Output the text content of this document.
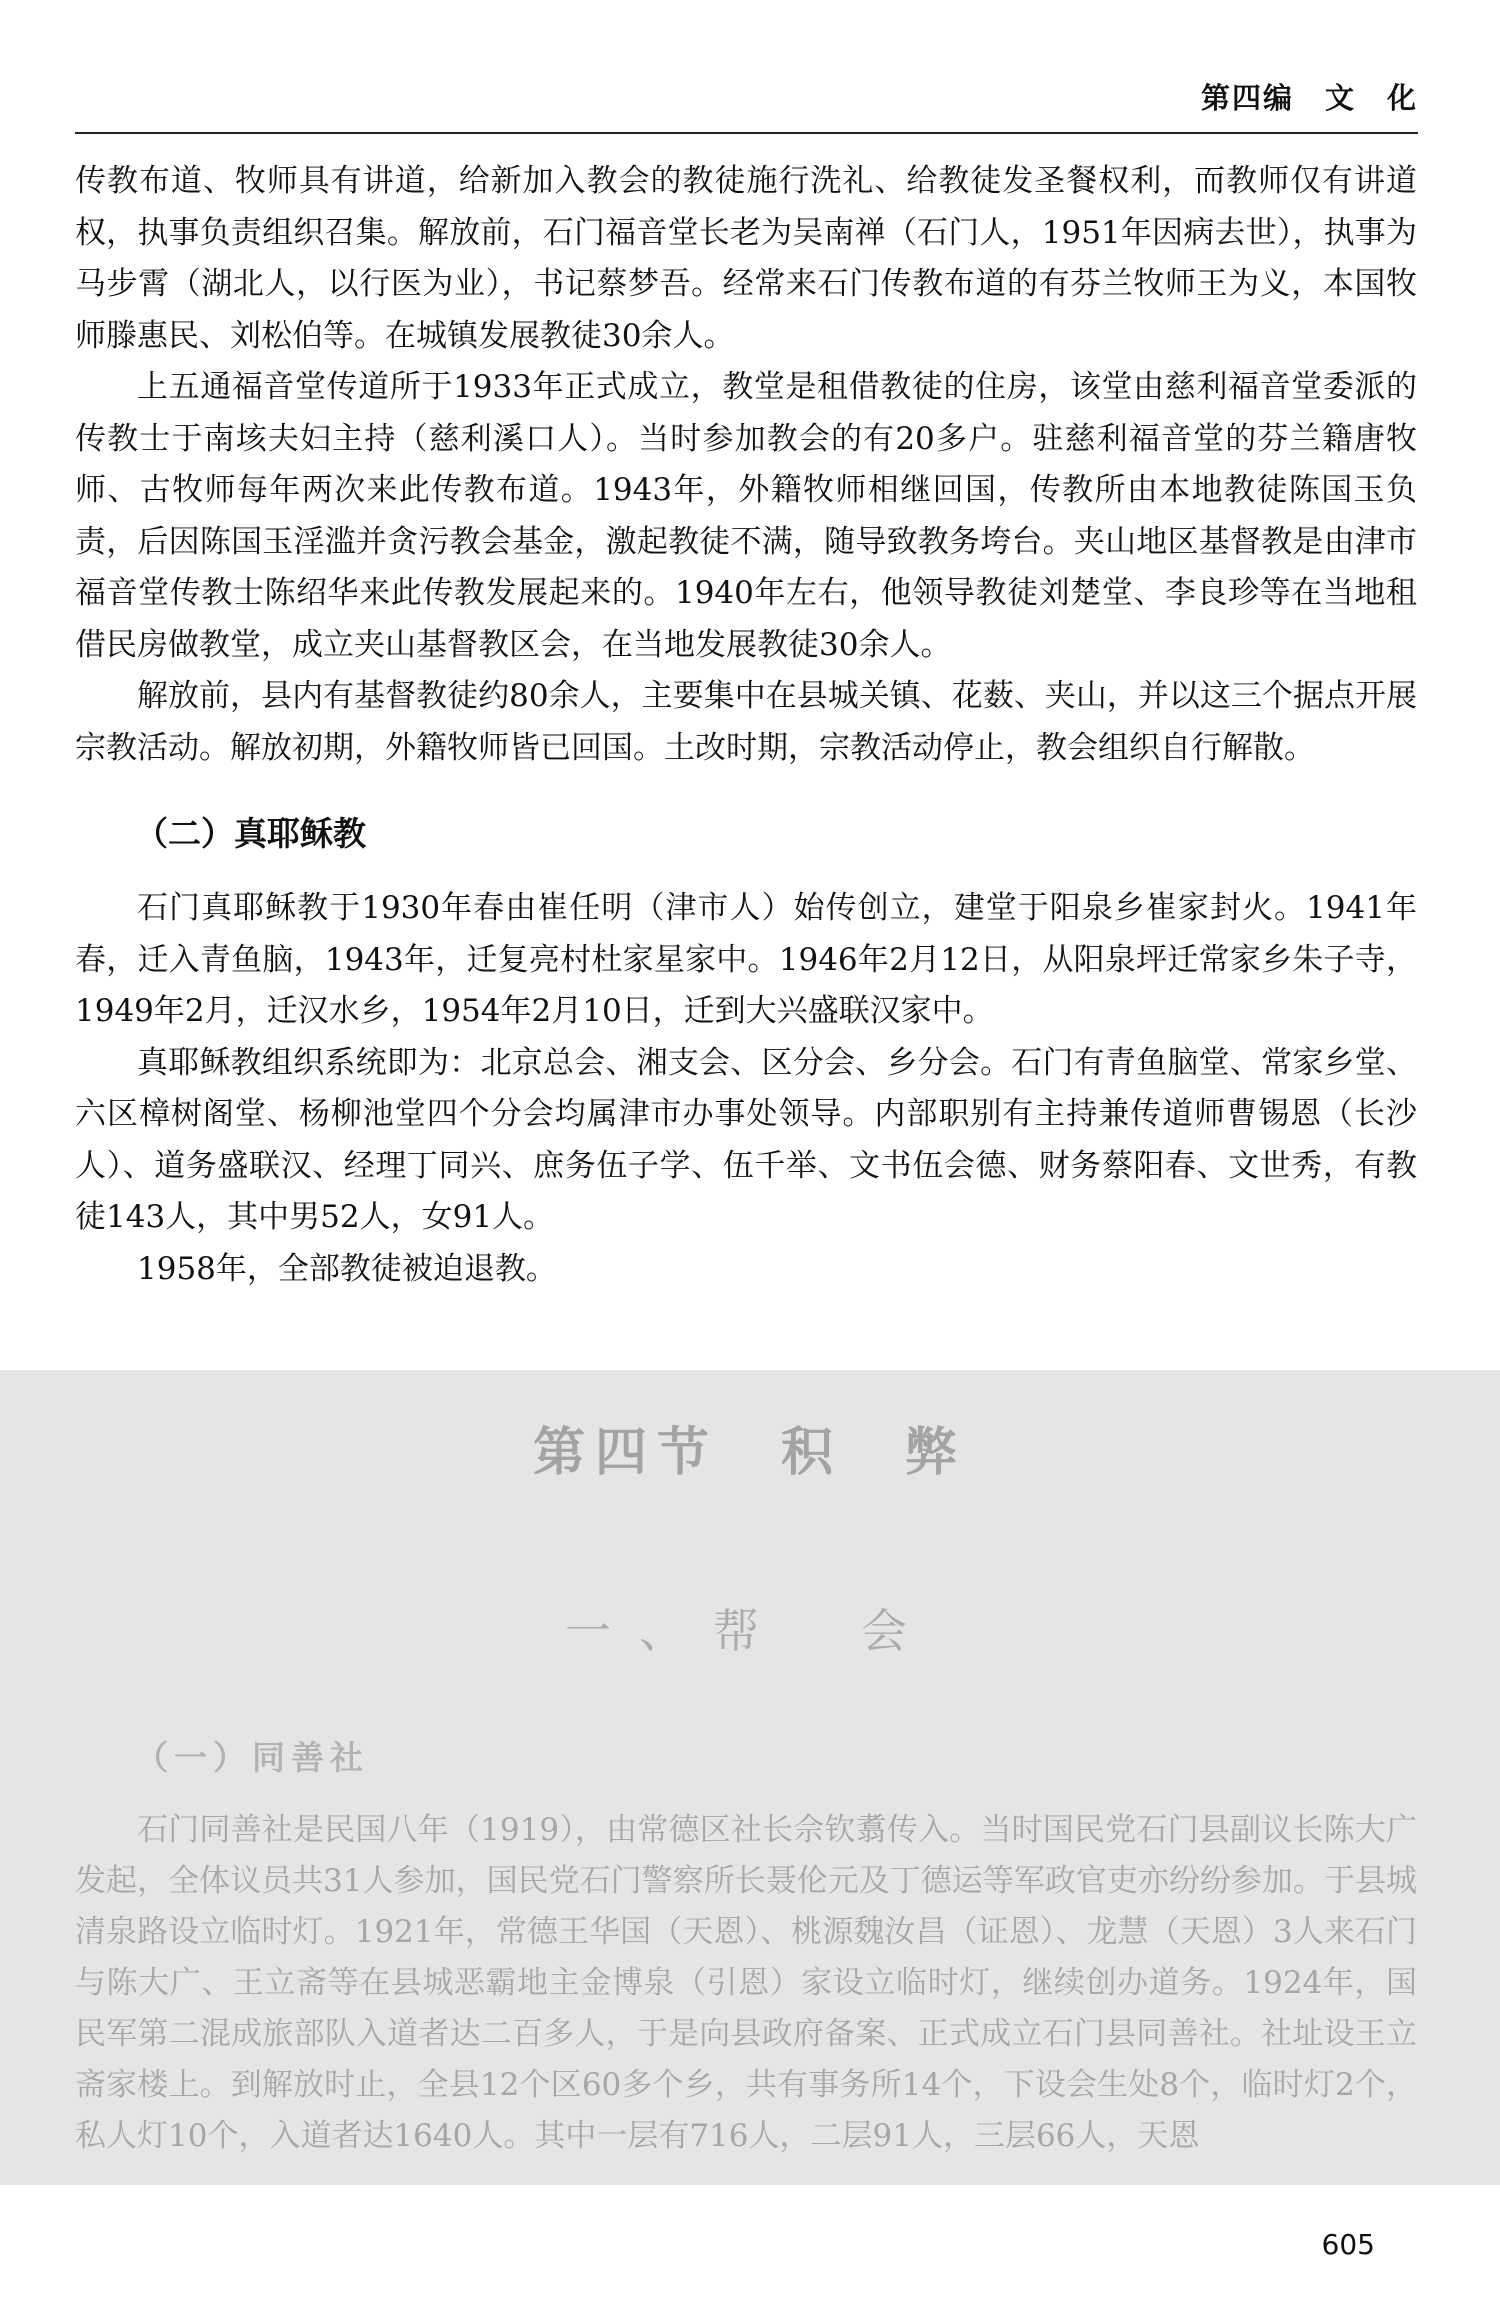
第四编　文　化

传教布道、牧师具有讲道，给新加入教会的教徒施行洗礼、给教徒发圣餐权利，而教师仅有讲道权，执事负责组织召集。解放前，石门福音堂长老为吴南禅（石门人，1951年因病去世），执事为马步霄（湖北人，以行医为业），书记蔡梦吾。经常来石门传教布道的有芬兰牧师王为义，本国牧师滕惠民、刘松伯等。在城镇发展教徒30余人。

上五通福音堂传道所于1933年正式成立，教堂是租借教徒的住房，该堂由慈利福音堂委派的传教士于南垓夫妇主持（慈利溪口人）。当时参加教会的有20多户。驻慈利福音堂的芬兰籍唐牧师、古牧师每年两次来此传教布道。1943年，外籍牧师相继回国，传教所由本地教徒陈国玉负责，后因陈国玉淫滥并贪污教会基金，激起教徒不满，随导致教务垮台。夹山地区基督教是由津市福音堂传教士陈绍华来此传教发展起来的。1940年左右，他领导教徒刘楚堂、李良珍等在当地租借民房做教堂，成立夹山基督教区会，在当地发展教徒30余人。

解放前，县内有基督教徒约80余人，主要集中在县城关镇、花薮、夹山，并以这三个据点开展宗教活动。解放初期，外籍牧师皆已回国。土改时期，宗教活动停止，教会组织自行解散。

（二）真耶稣教

石门真耶稣教于1930年春由崔任明（津市人）始传创立，建堂于阳泉乡崔家封火。1941年春，迁入青鱼脑，1943年，迁复亮村杜家星家中。1946年2月12日，从阳泉坪迁常家乡朱子寺，1949年2月，迁汉水乡，1954年2月10日，迁到大兴盛联汉家中。

真耶稣教组织系统即为：北京总会、湘支会、区分会、乡分会。石门有青鱼脑堂、常家乡堂、六区樟树阁堂、杨柳池堂四个分会均属津市办事处领导。内部职别有主持兼传道师曹锡恩（长沙人）、道务盛联汉、经理丁同兴、庶务伍子学、伍千举、文书伍会德、财务蔡阳春、文世秀，有教徒143人，其中男52人，女91人。

1958年，全部教徒被迫退教。

第四节　积　弊
一、帮　会
（一）同善社

石门同善社是民国八年（1919），由常德区社长佘钦翥传入。当时国民党石门县副议长陈大广发起，全体议员共31人参加，国民党石门警察所长聂伦元及丁德运等军政官吏亦纷纷参加。于县城清泉路设立临时灯。1921年，常德王华国（天恩）、桃源魏汝昌（证恩）、龙慧（天恩）3人来石门与陈大广、王立斋等在县城恶霸地主金博泉（引恩）家设立临时灯，继续创办道务。1924年，国民军第二混成旅部队入道者达二百多人，于是向县政府备案、正式成立石门县同善社。社址设王立斋家楼上。到解放时止，全县12个区60多个乡，共有事务所14个，下设会生处8个，临时灯2个，私人灯10个，入道者达1640人。其中一层有716人，二层91人，三层66人，天恩

605
